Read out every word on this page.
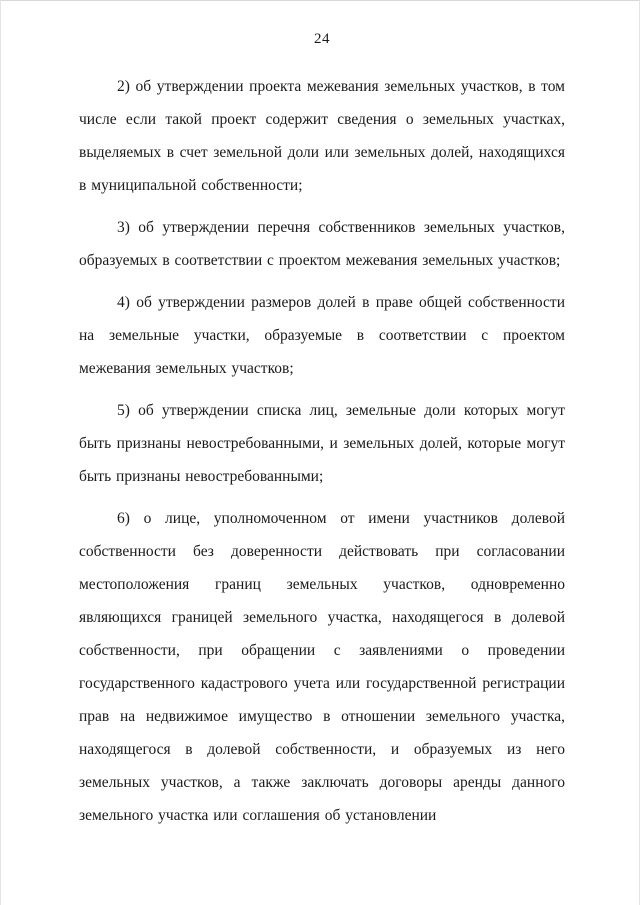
24

2) об утверждении проекта межевания земельных участков, в том числе если такой проект содержит сведения о земельных участках, выделяемых в счет земельной доли или земельных долей, находящихся в муниципальной собственности;

3) об утверждении перечня собственников земельных участков, образуемых в соответствии с проектом межевания земельных участков;

4) об утверждении размеров долей в праве общей собственности на земельные участки, образуемые в соответствии с проектом межевания земельных участков;

5) об утверждении списка лиц, земельные доли которых могут быть признаны невостребованными, и земельных долей, которые могут быть признаны невостребованными;

6) о лице, уполномоченном от имени участников долевой собственности без доверенности действовать при согласовании местоположения границ земельных участков, одновременно являющихся границей земельного участка, находящегося в долевой собственности, при обращении с заявлениями о проведении государственного кадастрового учета или государственной регистрации прав на недвижимое имущество в отношении земельного участка, находящегося в долевой собственности, и образуемых из него земельных участков, а также заключать договоры аренды данного земельного участка или соглашения об установлении
